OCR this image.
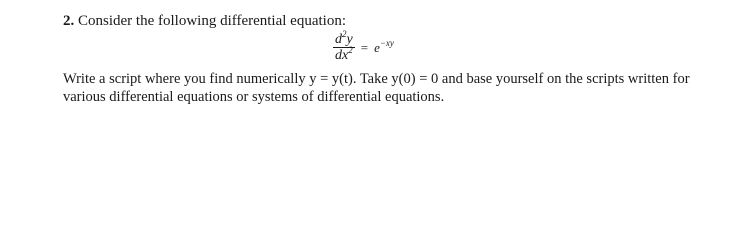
2. Consider the following differential equation:
$\frac{d^2y}{dx^2} = e^{-xy}$
Write a script where you find numerically y = y(t). Take y(0) = 0 and base yourself on the scripts written for various differential equations or systems of differential equations.
